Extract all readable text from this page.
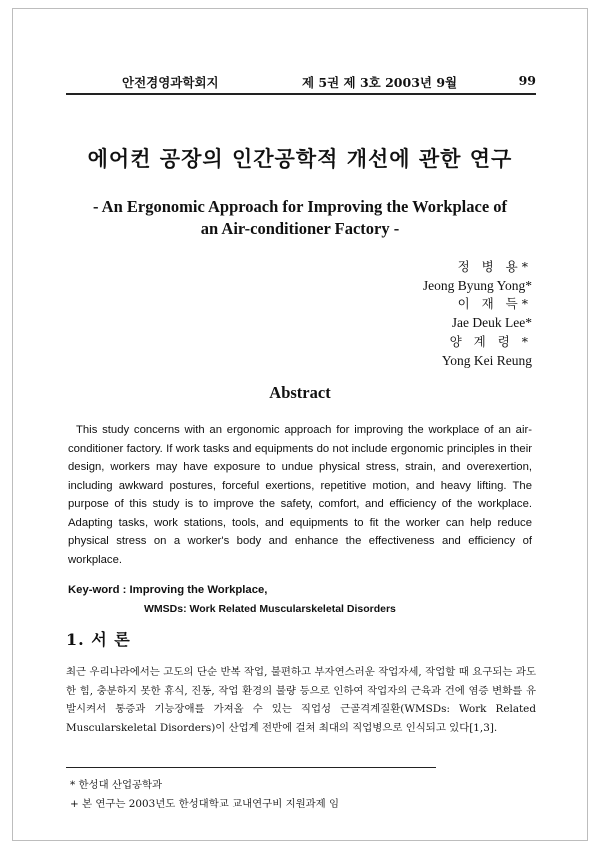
안전경영과학회지	제 5권 제 3호 2003년 9월	99
에어컨 공장의 인간공학적 개선에 관한 연구
- An Ergonomic Approach for Improving the Workplace of
an Air-conditioner Factory -
정 병 용*
Jeong Byung Yong*
이 재 득*
Jae Deuk Lee*
양 계 령 *
Yong Kei Reung
Abstract

This study concerns with an ergonomic approach for improving the workplace of an air-conditioner factory. If work tasks and equipments do not include ergonomic principles in their design, workers may have exposure to undue physical stress, strain, and overexertion, including awkward postures, forceful exertions, repetitive motion, and heavy lifting. The purpose of this study is to improve the safety, comfort, and efficiency of the workplace. Adapting tasks, work stations, tools, and equipments to fit the worker can help reduce physical stress on a worker's body and enhance the effectiveness and efficiency of workplace.

Key-word : Improving the Workplace,
WMSDs: Work Related Muscularskeletal Disorders
1. 서 론

최근 우리나라에서는 고도의 단순 반복 작업, 불편하고 부자연스러운 작업자세, 작업할 때 요구되는 과도한 힘, 충분하지 못한 휴식, 진동, 작업 환경의 불량 등으로 인하여 작업자의 근육과 건에 염증 변화를 유발시켜서 통증과 기능장애를 가져올 수 있는 직업성 근골격계질환(WMSDs: Work Related Muscularskeletal Disorders)이 산업계 전반에 걸쳐 최대의 직업병으로 인식되고 있다[1,3].

* 한성대 산업공학과
+ 본 연구는 2003년도 한성대학교 교내연구비 지원과제 임
